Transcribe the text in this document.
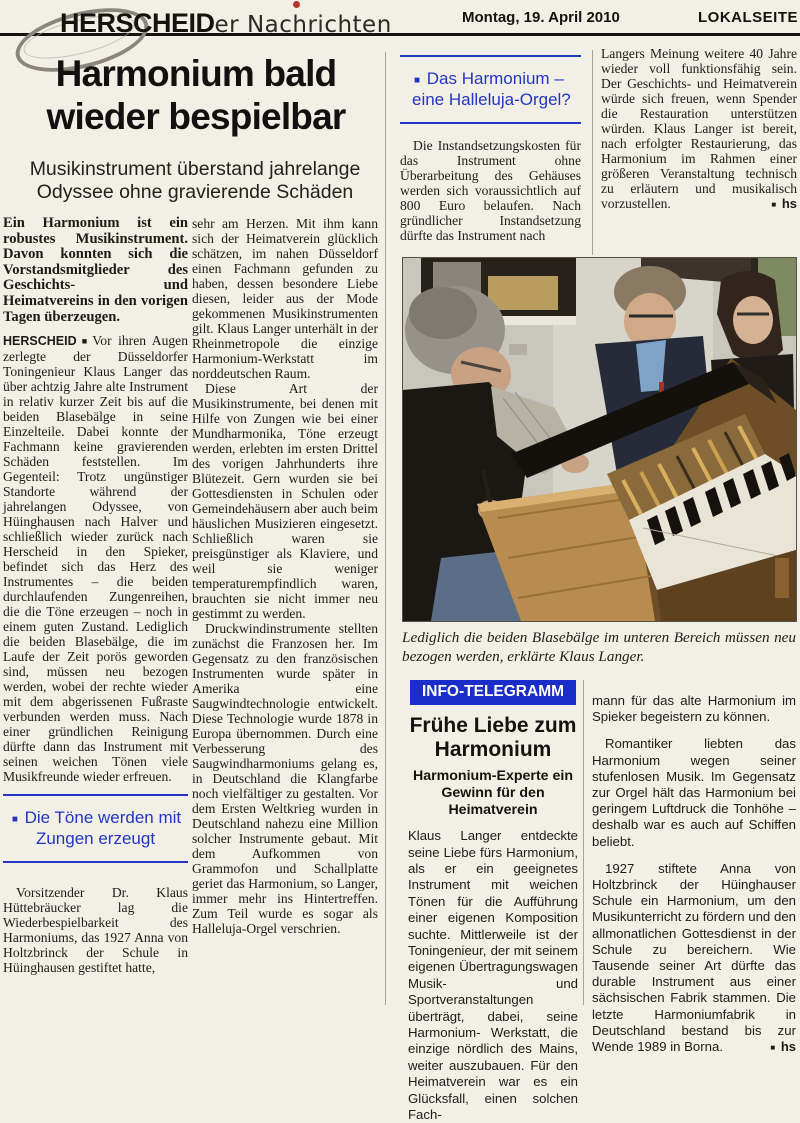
HERSCHEIDer Nachrichten	Montag, 19. April 2010	LOKALSEITE
Harmonium bald wieder bespielbar
Musikinstrument überstand jahrelange Odyssee ohne gravierende Schäden

Ein Harmonium ist ein robustes Musikinstrument. Davon konnten sich die Vorstandsmitglieder des Geschichts- und Heimatvereins in den vorigen Tagen überzeugen.

HERSCHEID ■ Vor ihren Augen zerlegte der Düsseldorfer Toningenieur Klaus Langer das über achtzig Jahre alte Instrument in relativ kurzer Zeit bis auf die beiden Blasebälge in seine Einzelteile. Dabei konnte der Fachmann keine gravierenden Schäden feststellen. Im Gegenteil: Trotz ungünstiger Standorte während der jahrelangen Odyssee, von Hüinghausen nach Halver und schließlich wieder zurück nach Herscheid in den Spieker, befindet sich das Herz des Instrumentes – die beiden durchlaufenden Zungenreihen, die die Töne erzeugen – noch in einem guten Zustand. Lediglich die beiden Blasebälge, die im Laufe der Zeit porös geworden sind, müssen neu bezogen werden, wobei der rechte wieder mit dem abgerissenen Fußraste verbunden werden muss. Nach einer gründlichen Reinigung dürfte dann das Instrument mit seinen weichen Tönen viele Musikfreunde wieder erfreuen.

■ Die Töne werden mit Zungen erzeugt

Vorsitzender Dr. Klaus Hüttebräucker lag die Wiederbespielbarkeit des Harmoniums, das 1927 Anna von Holtzbrinck der Schule in Hüinghausen gestiftet hatte,

sehr am Herzen. Mit ihm kann sich der Heimatverein glücklich schätzen, im nahen Düsseldorf einen Fachmann gefunden zu haben, dessen besondere Liebe diesen, leider aus der Mode gekommenen Musikinstrumenten gilt. Klaus Langer unterhält in der Rheinmetropole die einzige Harmonium-Werkstatt im norddeutschen Raum.

Diese Art der Musikinstrumente, bei denen mit Hilfe von Zungen wie bei einer Mundharmonika, Töne erzeugt werden, erlebten im ersten Drittel des vorigen Jahrhunderts ihre Blütezeit. Gern wurden sie bei Gottesdiensten in Schulen oder Gemeindehäusern aber auch beim häuslichen Musizieren eingesetzt. Schließlich waren sie preisgünstiger als Klaviere, und weil sie weniger temperaturempfindlich waren, brauchten sie nicht immer neu gestimmt zu werden.

Druckwindinstrumente stellten zunächst die Franzosen her. Im Gegensatz zu den französischen Instrumenten wurde später in Amerika eine Saugwindtechnologie entwickelt. Diese Technologie wurde 1878 in Europa übernommen. Durch eine Verbesserung des Saugwindharmoniums gelang es, in Deutschland die Klangfarbe noch vielfältiger zu gestalten. Vor dem Ersten Weltkrieg wurden in Deutschland nahezu eine Million solcher Instrumente gebaut. Mit dem Aufkommen von Grammofon und Schallplatte geriet das Harmonium, so Langer, immer mehr ins Hintertreffen. Zum Teil wurde es sogar als Halleluja-Orgel verschrien.

■ Das Harmonium – eine Halleluja-Orgel?

Die Instandsetzungskosten für das Instrument ohne Überarbeitung des Gehäuses werden sich voraussichtlich auf 800 Euro belaufen. Nach gründlicher Instandsetzung dürfte das Instrument nach

Langers Meinung weitere 40 Jahre wieder voll funktionsfähig sein. Der Geschichts- und Heimatverein würde sich freuen, wenn Spender die Restauration unterstützen würden. Klaus Langer ist bereit, nach erfolgter Restaurierung, das Harmonium im Rahmen einer größeren Veranstaltung technisch zu erläutern und musikalisch vorzustellen.	■ hs

Lediglich die beiden Blasebälge im unteren Bereich müssen neu bezogen werden, erklärte Klaus Langer.
INFO-TELEGRAMM
Frühe Liebe zum Harmonium
Harmonium-Experte ein Gewinn für den Heimatverein
Klaus Langer entdeckte seine Liebe fürs Harmonium, als er ein geeignetes Instrument mit weichen Tönen für die Aufführung einer eigenen Komposition suchte. Mittlerweile ist der Toningenieur, der mit seinem eigenen Übertragungswagen Musik- und Sportveranstaltungen überträgt, dabei, seine Harmonium- Werkstatt, die einzige nördlich des Mains, weiter auszubauen. Für den Heimatverein war es ein Glücksfall, einen solchen Fach-

mann für das alte Harmonium im Spieker begeistern zu können.

Romantiker liebten das Harmonium wegen seiner stufenlosen Musik. Im Gegensatz zur Orgel hält das Harmonium bei geringem Luftdruck die Tonhöhe – deshalb war es auch auf Schiffen beliebt.

1927 stiftete Anna von Holtzbrinck der Hüinghauser Schule ein Harmonium, um den Musikunterricht zu fördern und den allmonatlichen Gottesdienst in der Schule zu bereichern. Wie Tausende seiner Art dürfte das durable Instrument aus einer sächsischen Fabrik stammen. Die letzte Harmoniumfabrik in Deutschland bestand bis zur Wende 1989 in Borna.	■ hs
